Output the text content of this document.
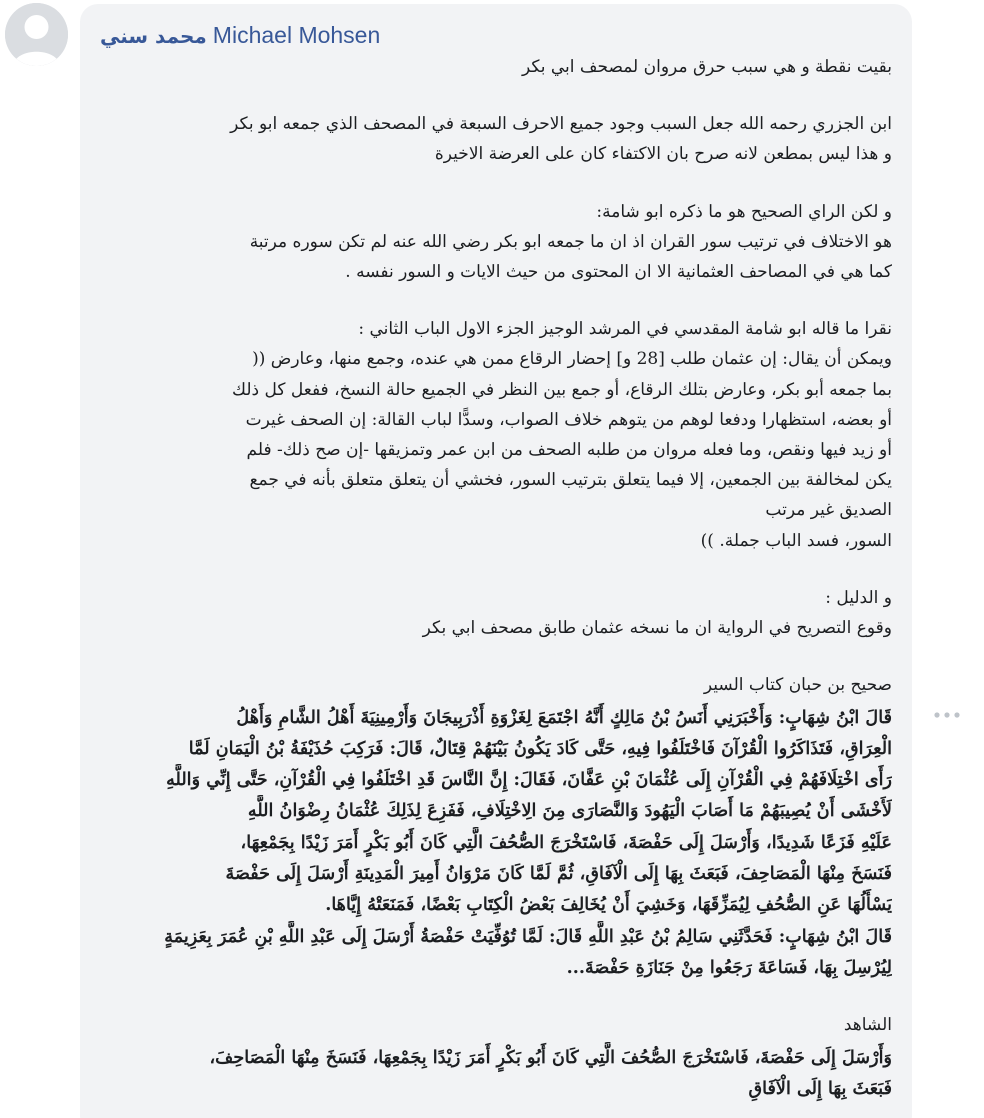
محمد سني Michael Mohsen
بقيت نقطة و هي سبب حرق مروان لمصحف ابي بكر
ابن الجزري رحمه الله جعل السبب وجود جميع الاحرف السبعة في المصحف الذي جمعه ابو بكر
و هذا ليس بمطعن لانه صرح بان الاكتفاء كان على العرضة الاخيرة
و لكن الراي الصحيح هو ما ذكره ابو شامة:
هو الاختلاف في ترتيب سور القران اذ ان ما جمعه ابو بكر رضي الله عنه لم تكن سوره مرتبة
كما هي في المصاحف العثمانية الا ان المحتوى من حيث الايات و السور نفسه .
نقرا ما قاله ابو شامة المقدسي في المرشد الوجيز الجزء الاول الباب الثاني :
ويمكن أن يقال: إن عثمان طلب [28 و] إحضار الرقاع ممن هي عنده، وجمع منها، وعارض ((
بما جمعه أبو بكر، وعارض بتلك الرقاع، أو جمع بين النظر في الجميع حالة النسخ، ففعل كل ذلك
أو بعضه، استظهارا ودفعا لوهم من يتوهم خلاف الصواب، وسدًّا لباب القالة: إن الصحف غيرت
أو زيد فيها ونقص، وما فعله مروان من طلبه الصحف من ابن عمر وتمزيقها -إن صح ذلك- فلم
يكن لمخالفة بين الجمعين، إلا فيما يتعلق بترتيب السور، فخشي أن يتعلق متعلق بأنه في جمع
الصديق غير مرتب
السور، فسد الباب جملة. ))
و الدليل :
وقوع التصريح في الرواية ان ما نسخه عثمان طابق مصحف ابي بكر
صحيح بن حبان كتاب السير
قَالَ ابْنُ شِهَابٍ: وَأَخْبَرَنِي أَنَسُ بْنُ مَالِكٍ أَنَّهُ اجْتَمَعَ لِغَزْوَةِ أَذْرَبِيجَانَ وَأَرْمِينِيَةَ أَهْلُ الشَّامِ وَأَهْلُ
الْعِرَاقِ، فَتَذَاكَرُوا الْقُرْآنَ فَاخْتَلَفُوا فِيهِ، حَتَّى كَادَ يَكُونُ بَيْنَهُمْ قِتَالٌ، قَالَ: فَرَكِبَ حُذَيْفَةُ بْنُ الْيَمَانِ لَمَّا
رَأَى اخْتِلَافَهُمْ فِي الْقُرْآنِ إِلَى عُثْمَانَ بْنِ عَفَّانَ، فَقَالَ: إِنَّ النَّاسَ قَدِ اخْتَلَفُوا فِي الْقُرْآنِ، حَتَّى إِنِّي وَاللَّهِ
لَأَخْشَى أَنْ يُصِيبَهُمْ مَا أَصَابَ الْيَهُودَ وَالنَّصَارَى مِنَ الِاخْتِلَافِ، فَفَزِعَ لِذَلِكَ عُثْمَانُ رِضْوَانُ اللَّهِ
عَلَيْهِ فَزَعًا شَدِيدًا، وَأَرْسَلَ إِلَى حَفْصَةَ، فَاسْتَخْرَجَ الصُّحُفَ الَّتِي كَانَ أَبُو بَكْرٍ أَمَرَ زَيْدًا بِجَمْعِهَا،
فَنَسَخَ مِنْهَا الْمَصَاحِفَ، فَبَعَثَ بِهَا إِلَى الْآفَاقِ، ثُمَّ لَمَّا كَانَ مَرْوَانُ أَمِيرَ الْمَدِينَةِ أَرْسَلَ إِلَى حَفْصَةَ
يَسْأَلُهَا عَنِ الصُّحُفِ لِيُمَزِّقَهَا، وَخَشِيَ أَنْ يُخَالِفَ بَعْضُ الْكِتَابِ بَعْضًا، فَمَنَعَتْهُ إِيَّاهَا.
قَالَ ابْنُ شِهَابٍ: فَحَدَّثَنِي سَالِمُ بْنُ عَبْدِ اللَّهِ قَالَ: لَمَّا تُوُفِّيَتْ حَفْصَةُ أَرْسَلَ إِلَى عَبْدِ اللَّهِ بْنِ عُمَرَ بِعَزِيمَةٍ
لِيُرْسِلَ بِهَا، فَسَاعَةَ رَجَعُوا مِنْ جَنَازَةِ حَفْصَةَ...
الشاهد
وَأَرْسَلَ إِلَى حَفْصَةَ، فَاسْتَخْرَجَ الصُّحُفَ الَّتِي كَانَ أَبُو بَكْرٍ أَمَرَ زَيْدًا بِجَمْعِهَا، فَنَسَخَ مِنْهَا الْمَصَاحِفَ،
فَبَعَثَ بِهَا إِلَى الْآفَاقِ
